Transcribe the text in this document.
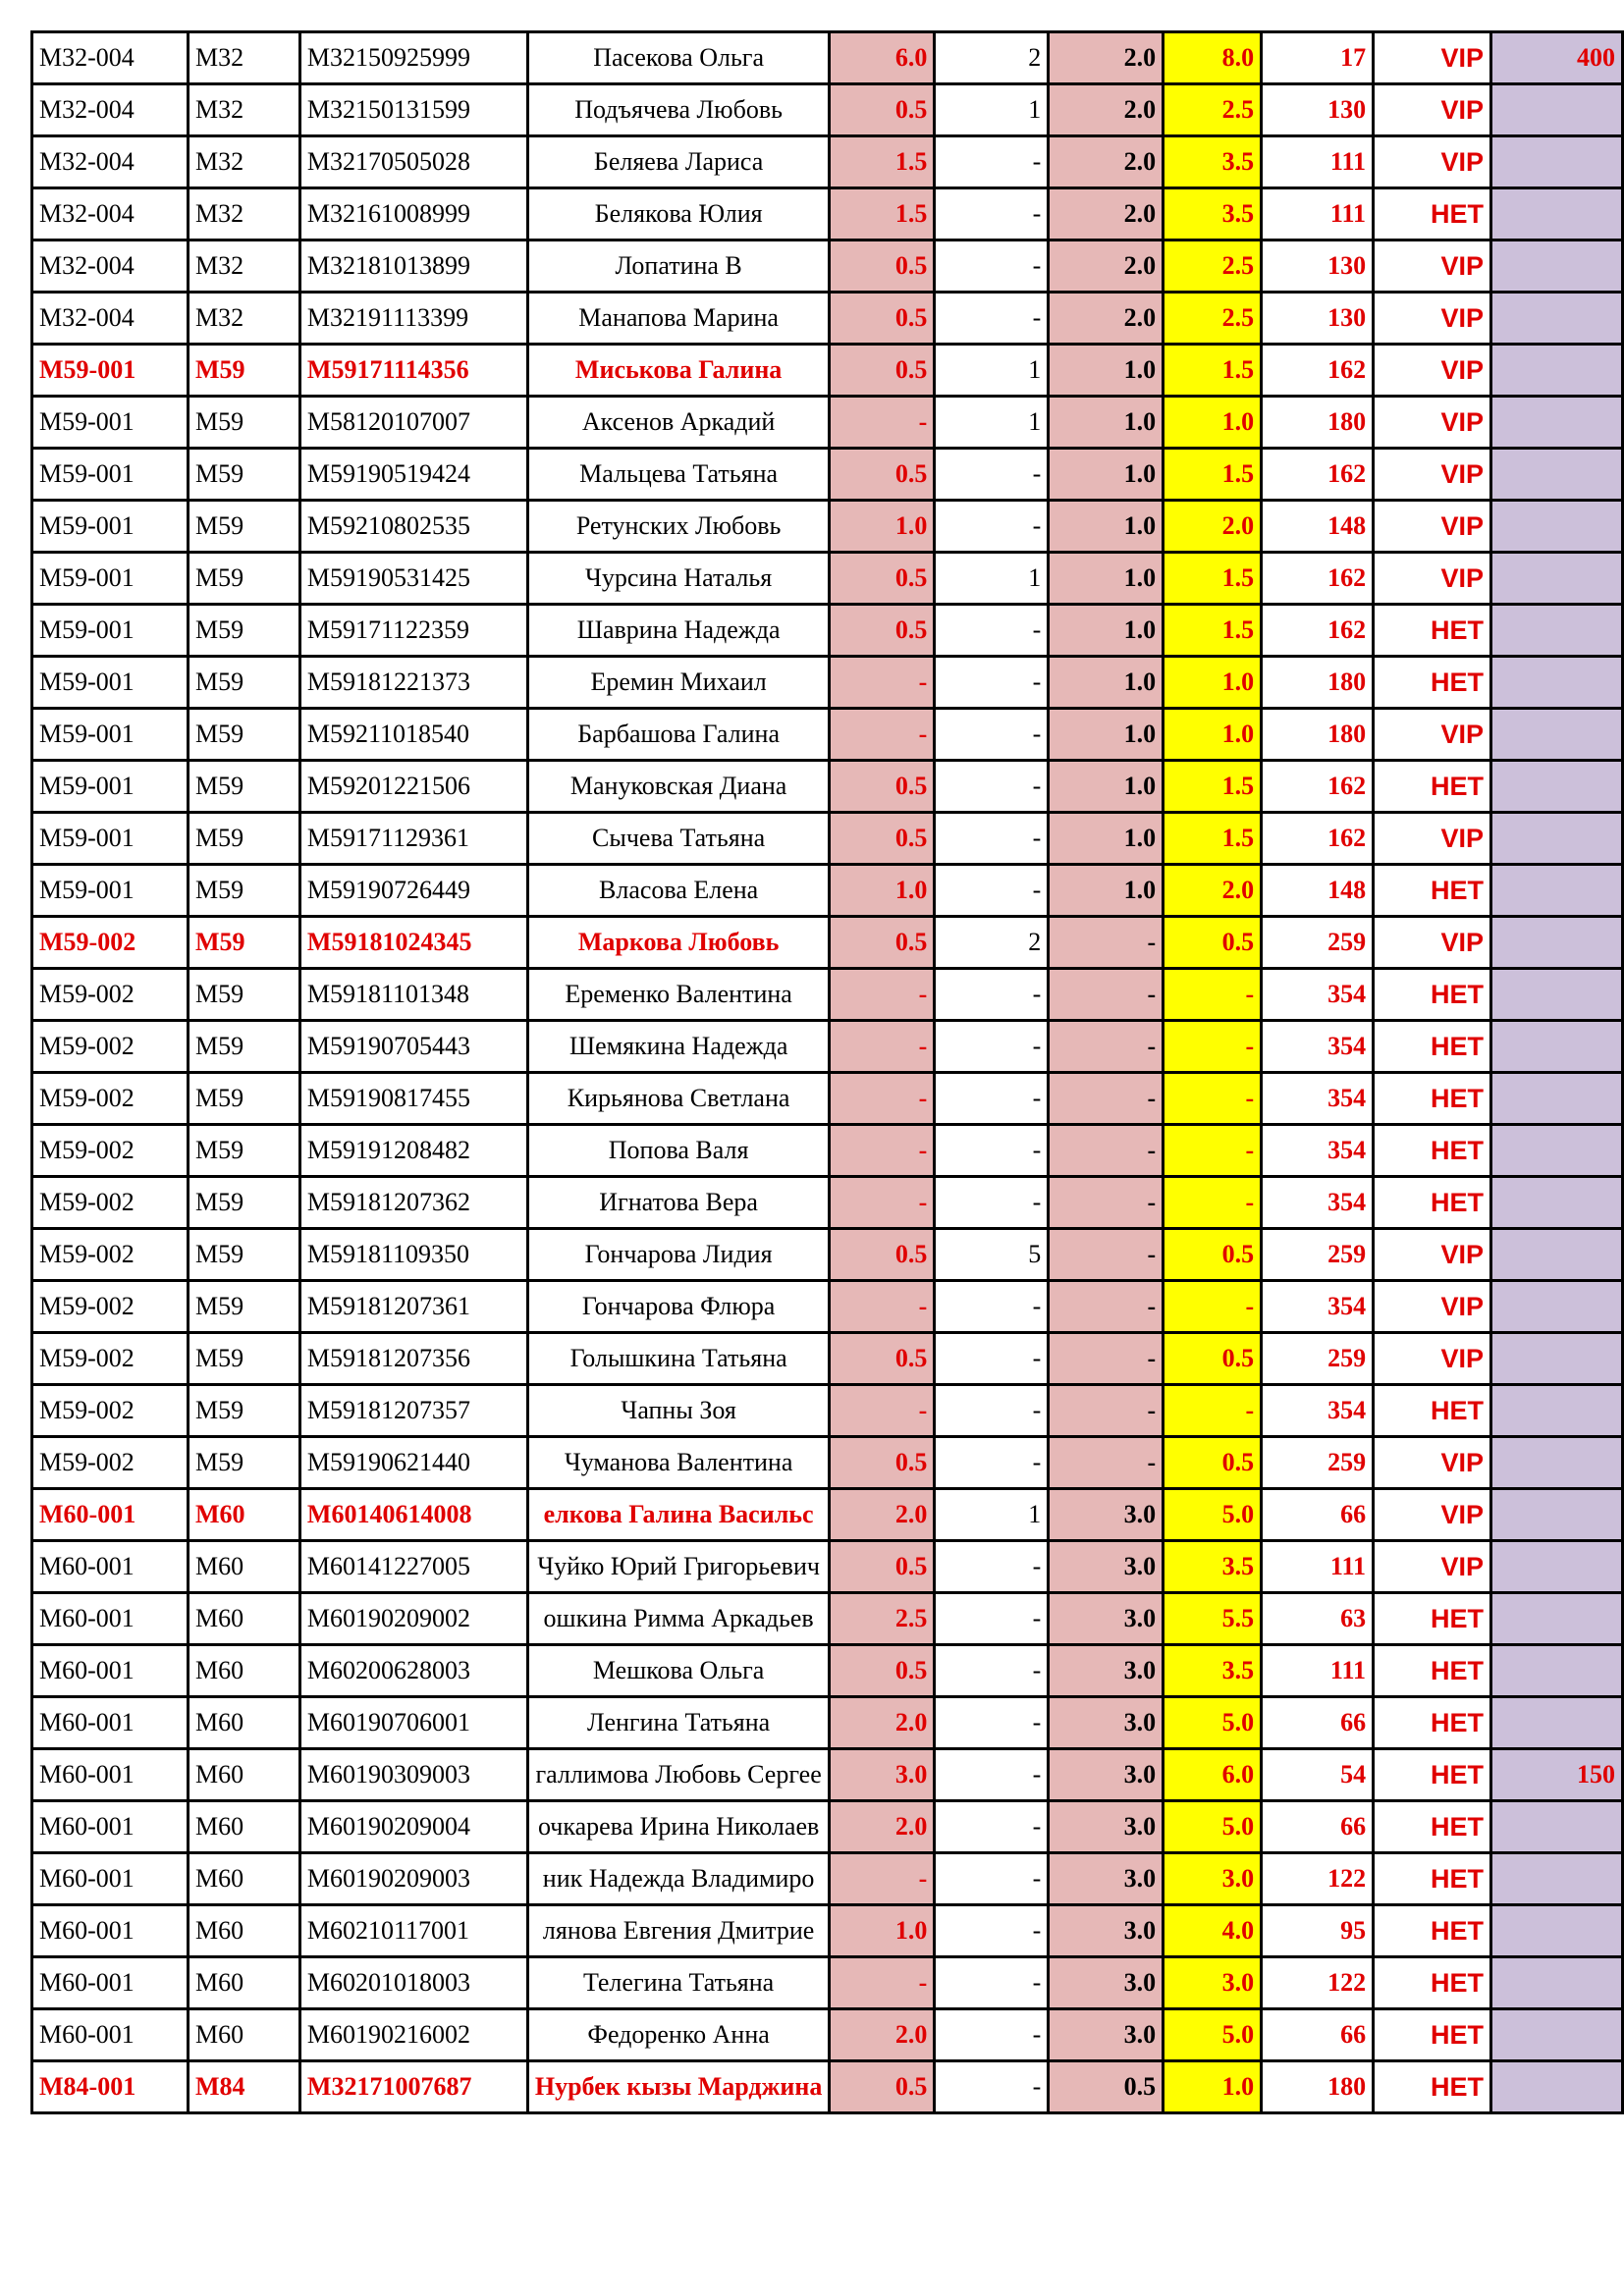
М32-004	М32	М32150925999	Пасекова Ольга	6.0	2	2.0	8.0	17	VIP	400
М32-004	М32	М32150131599	Подъячева Любовь	0.5	1	2.0	2.5	130	VIP	
М32-004	М32	М32170505028	Беляева Лариса	1.5	-	2.0	3.5	111	VIP	
М32-004	М32	М32161008999	Белякова Юлия	1.5	-	2.0	3.5	111	НЕТ	
М32-004	М32	М32181013899	Лопатина В	0.5	-	2.0	2.5	130	VIP	
М32-004	М32	М32191113399	Манапова Марина	0.5	-	2.0	2.5	130	VIP	
М59-001	М59	М59171114356	Миськова Галина	0.5	1	1.0	1.5	162	VIP	
М59-001	М59	М58120107007	Аксенов Аркадий	-	1	1.0	1.0	180	VIP	
М59-001	М59	М59190519424	Мальцева Татьяна	0.5	-	1.0	1.5	162	VIP	
М59-001	М59	М59210802535	Ретунских Любовь	1.0	-	1.0	2.0	148	VIP	
М59-001	М59	М59190531425	Чурсина Наталья	0.5	1	1.0	1.5	162	VIP	
М59-001	М59	М59171122359	Шаврина Надежда	0.5	-	1.0	1.5	162	НЕТ	
М59-001	М59	М59181221373	Еремин Михаил	-	-	1.0	1.0	180	НЕТ	
М59-001	М59	М59211018540	Барбашова Галина	-	-	1.0	1.0	180	VIP	
М59-001	М59	М59201221506	Мануковская Диана	0.5	-	1.0	1.5	162	НЕТ	
М59-001	М59	М59171129361	Сычева Татьяна	0.5	-	1.0	1.5	162	VIP	
М59-001	М59	М59190726449	Власова Елена	1.0	-	1.0	2.0	148	НЕТ	
М59-002	М59	М59181024345	Маркова Любовь	0.5	2	-	0.5	259	VIP	
М59-002	М59	М59181101348	Еременко Валентина	-	-	-	-	354	НЕТ	
М59-002	М59	М59190705443	Шемякина Надежда	-	-	-	-	354	НЕТ	
М59-002	М59	М59190817455	Кирьянова Светлана	-	-	-	-	354	НЕТ	
М59-002	М59	М59191208482	Попова Валя	-	-	-	-	354	НЕТ	
М59-002	М59	М59181207362	Игнатова Вера	-	-	-	-	354	НЕТ	
М59-002	М59	М59181109350	Гончарова Лидия	0.5	5	-	0.5	259	VIP	
М59-002	М59	М59181207361	Гончарова Флюра	-	-	-	-	354	VIP	
М59-002	М59	М59181207356	Голышкина Татьяна	0.5	-	-	0.5	259	VIP	
М59-002	М59	М59181207357	Чапны Зоя	-	-	-	-	354	НЕТ	
М59-002	М59	М59190621440	Чуманова Валентина	0.5	-	-	0.5	259	VIP	
М60-001	М60	М60140614008	елкова Галина Васильс	2.0	1	3.0	5.0	66	VIP	
М60-001	М60	М60141227005	Чуйко Юрий Григорьевич	0.5	-	3.0	3.5	111	VIP	
М60-001	М60	М60190209002	ошкина Римма Аркадьев	2.5	-	3.0	5.5	63	НЕТ	
М60-001	М60	М60200628003	Мешкова Ольга	0.5	-	3.0	3.5	111	НЕТ	
М60-001	М60	М60190706001	Ленгина Татьяна	2.0	-	3.0	5.0	66	НЕТ	
М60-001	М60	М60190309003	галлимова Любовь Сергее	3.0	-	3.0	6.0	54	НЕТ	150
М60-001	М60	М60190209004	очкарева Ирина Николаев	2.0	-	3.0	5.0	66	НЕТ	
М60-001	М60	М60190209003	ник Надежда Владимиро	-	-	3.0	3.0	122	НЕТ	
М60-001	М60	М60210117001	лянова Евгения Дмитрие	1.0	-	3.0	4.0	95	НЕТ	
М60-001	М60	М60201018003	Телегина Татьяна	-	-	3.0	3.0	122	НЕТ	
М60-001	М60	М60190216002	Федоренко Анна	2.0	-	3.0	5.0	66	НЕТ	
М84-001	М84	М32171007687	Нурбек кызы Марджина	0.5	-	0.5	1.0	180	НЕТ	
